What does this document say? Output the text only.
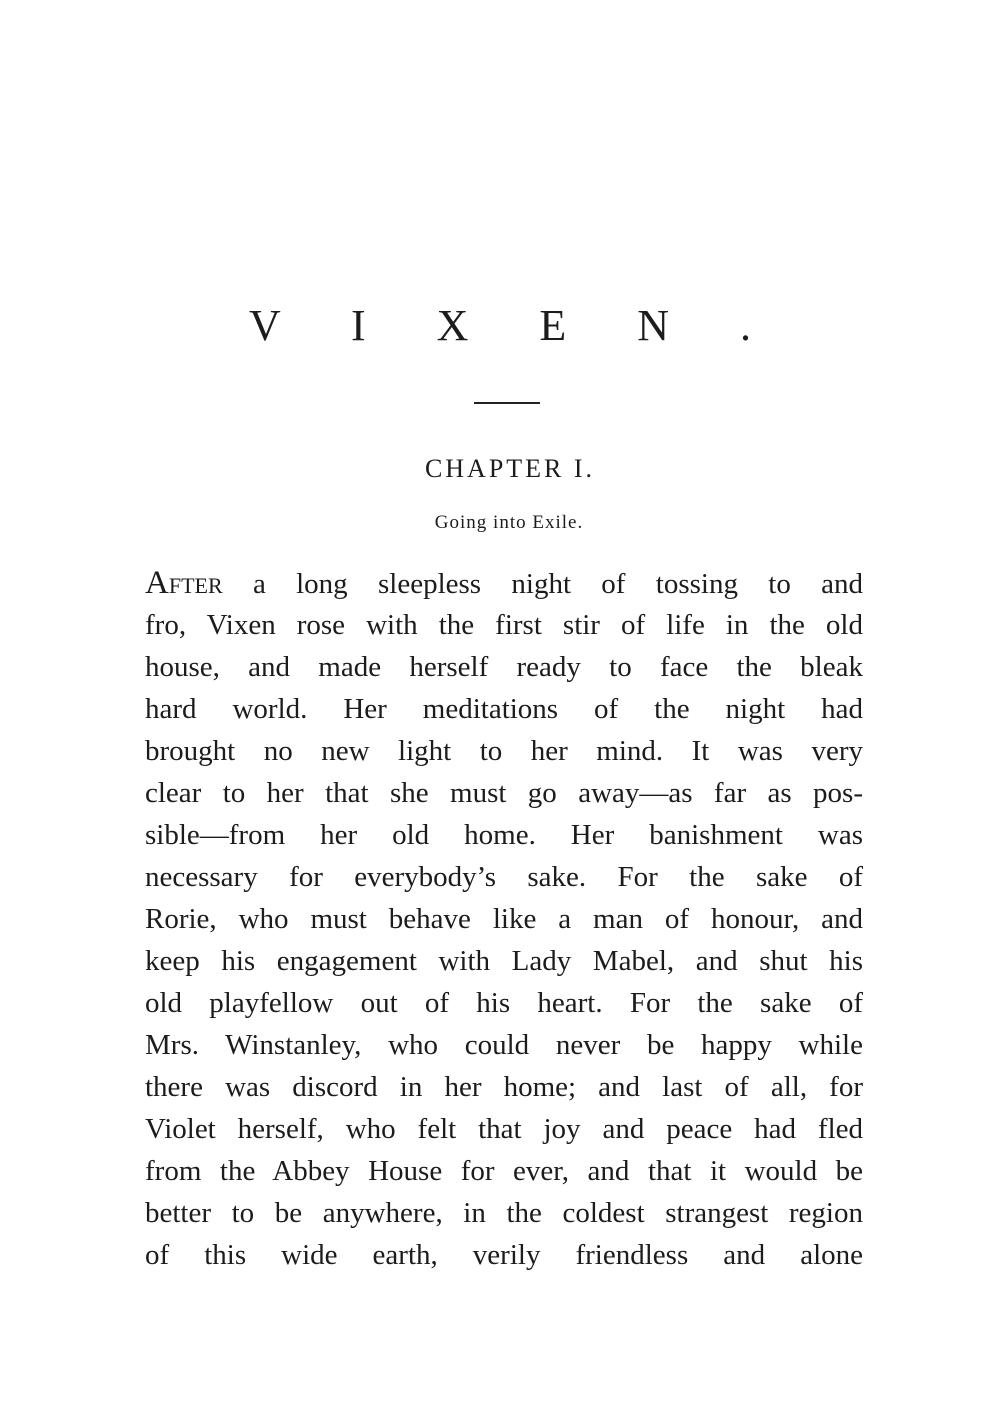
V I X E N .
CHAPTER I.
Going into Exile.
AFTER a long sleepless night of tossing to and
fro, Vixen rose with the first stir of life in the old
house, and made herself ready to face the bleak
hard world. Her meditations of the night had
brought no new light to her mind. It was very
clear to her that she must go away—as far as pos-
sible—from her old home. Her banishment was
necessary for everybody’s sake. For the sake of
Rorie, who must behave like a man of honour, and
keep his engagement with Lady Mabel, and shut his
old playfellow out of his heart. For the sake of
Mrs. Winstanley, who could never be happy while
there was discord in her home; and last of all, for
Violet herself, who felt that joy and peace had fled
from the Abbey House for ever, and that it would be
better to be anywhere, in the coldest strangest region
of this wide earth, verily friendless and alone
